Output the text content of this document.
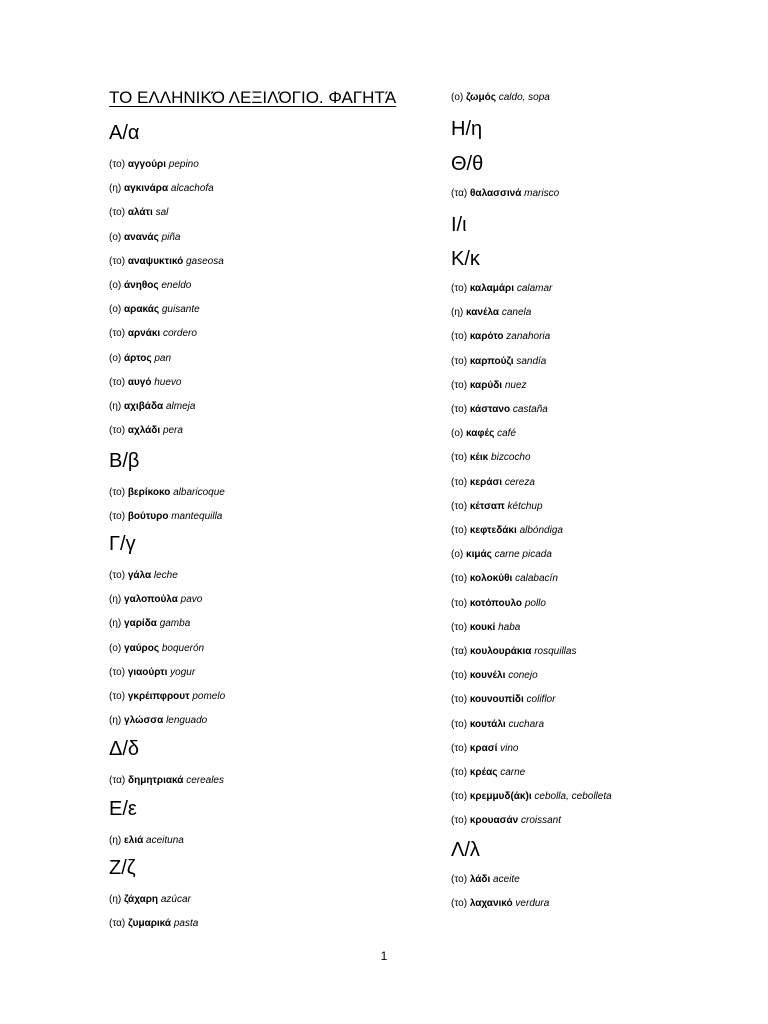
ΤΟ ΕΛΛΗΝΙΚΌ ΛΕΞΙΛΌΓΙΟ. ΦΑΓΗΤΆ
Α/α
(το) αγγούρι pepino
(η) αγκινάρα alcachofa
(το) αλάτι sal
(ο) ανανάς piña
(το) αναψυκτικό gaseosa
(ο) άνηθος eneldo
(ο) αρακάς guisante
(το) αρνάκι cordero
(ο) άρτος pan
(το) αυγό huevo
(η) αχιβάδα almeja
(το) αχλάδι pera
Β/β
(το) βερίκοκο albaricoque
(το) βούτυρο mantequilla
Γ/γ
(το) γάλα leche
(η) γαλοπούλα pavo
(η) γαρίδα gamba
(ο) γαύρος boquerón
(το) γιαούρτι yogur
(το) γκρέιπφρουτ pomelo
(η) γλώσσα lenguado
Δ/δ
(τα) δημητριακά cereales
Ε/ε
(η) ελιά aceituna
Ζ/ζ
(η) ζάχαρη azúcar
(τα) ζυμαρικά pasta
(ο) ζωμός caldo, sopa
Η/η
Θ/θ
(τα) θαλασσινά marisco
Ι/ι
Κ/κ
(το) καλαμάρι calamar
(η) κανέλα canela
(το) καρότο zanahoria
(το) καρπούζι sandía
(το) καρύδι nuez
(το) κάστανο castaña
(ο) καφές café
(το) κέικ bizcocho
(το) κεράσι cereza
(το) κέτσαπ kétchup
(το) κεφτεδάκι albóndiga
(ο) κιμάς carne picada
(το) κολοκύθι calabacín
(το) κοτόπουλο pollo
(το) κουκί haba
(τα) κουλουράκια rosquillas
(το) κουνέλι conejo
(το) κουνουπίδι coliflor
(το) κουτάλι cuchara
(το) κρασί vino
(το) κρέας carne
(το) κρεμμυδ(άκ)ι cebolla, cebolleta
(το) κρουασάν croissant
Λ/λ
(το) λάδι aceite
(το) λαχανικό verdura
1
